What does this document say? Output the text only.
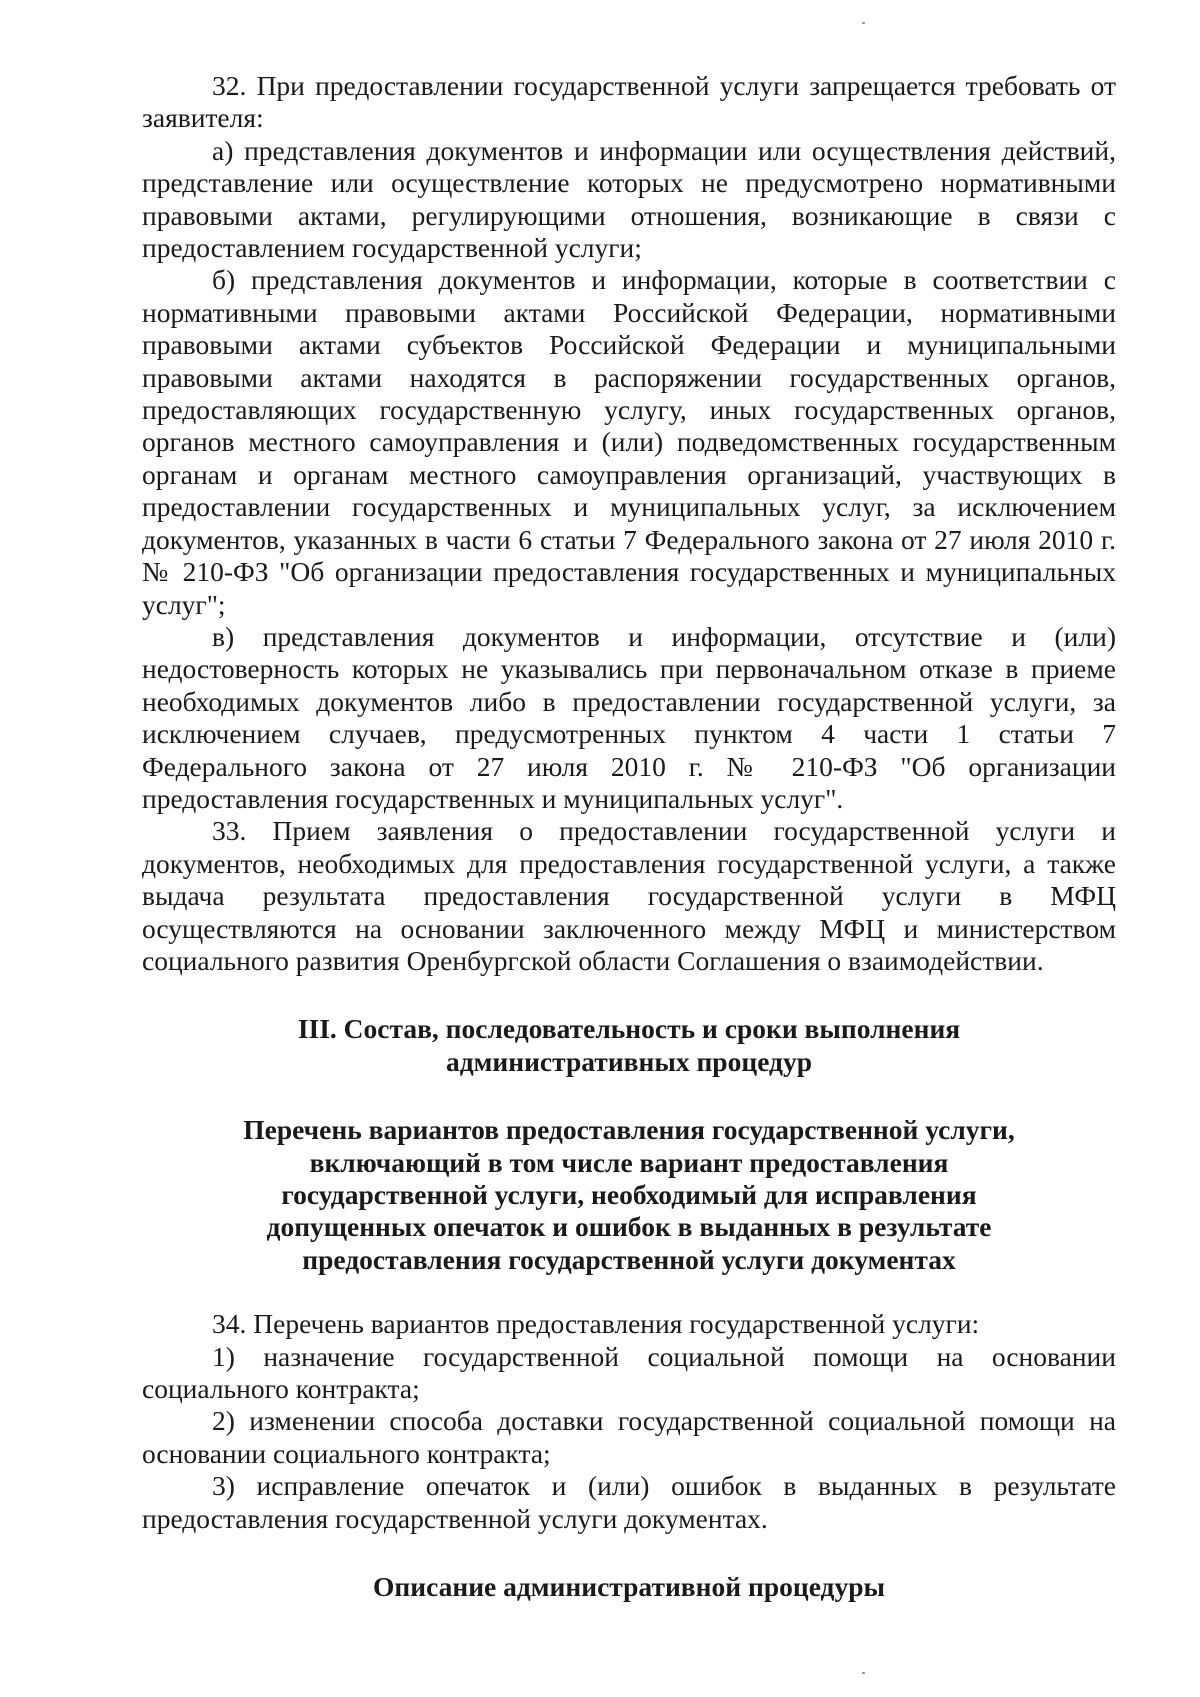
32. При предоставлении государственной услуги запрещается требовать от заявителя:

а) представления документов и информации или осуществления действий, представление или осуществление которых не предусмотрено нормативными правовыми актами, регулирующими отношения, возникающие в связи с предоставлением государственной услуги;

б) представления документов и информации, которые в соответствии с нормативными правовыми актами Российской Федерации, нормативными правовыми актами субъектов Российской Федерации и муниципальными правовыми актами находятся в распоряжении государственных органов, предоставляющих государственную услугу, иных государственных органов, органов местного самоуправления и (или) подведомственных государственным органам и органам местного самоуправления организаций, участвующих в предоставлении государственных и муниципальных услуг, за исключением документов, указанных в части 6 статьи 7 Федерального закона от 27 июля 2010 г. № 210-ФЗ "Об организации предоставления государственных и муниципальных услуг";

в) представления документов и информации, отсутствие и (или) недостоверность которых не указывались при первоначальном отказе в приеме необходимых документов либо в предоставлении государственной услуги, за исключением случаев, предусмотренных пунктом 4 части 1 статьи 7 Федерального закона от 27 июля 2010 г. № 210-ФЗ "Об организации предоставления государственных и муниципальных услуг".

33. Прием заявления о предоставлении государственной услуги и документов, необходимых для предоставления государственной услуги, а также выдача результата предоставления государственной услуги в МФЦ осуществляются на основании заключенного между МФЦ и министерством социального развития Оренбургской области Соглашения о взаимодействии.

III. Состав, последовательность и сроки выполнения административных процедур

Перечень вариантов предоставления государственной услуги, включающий в том числе вариант предоставления государственной услуги, необходимый для исправления допущенных опечаток и ошибок в выданных в результате предоставления государственной услуги документах

34. Перечень вариантов предоставления государственной услуги:

1) назначение государственной социальной помощи на основании социального контракта;

2) изменении способа доставки государственной социальной помощи на основании социального контракта;

3) исправление опечаток и (или) ошибок в выданных в результате предоставления государственной услуги документах.

Описание административной процедуры
